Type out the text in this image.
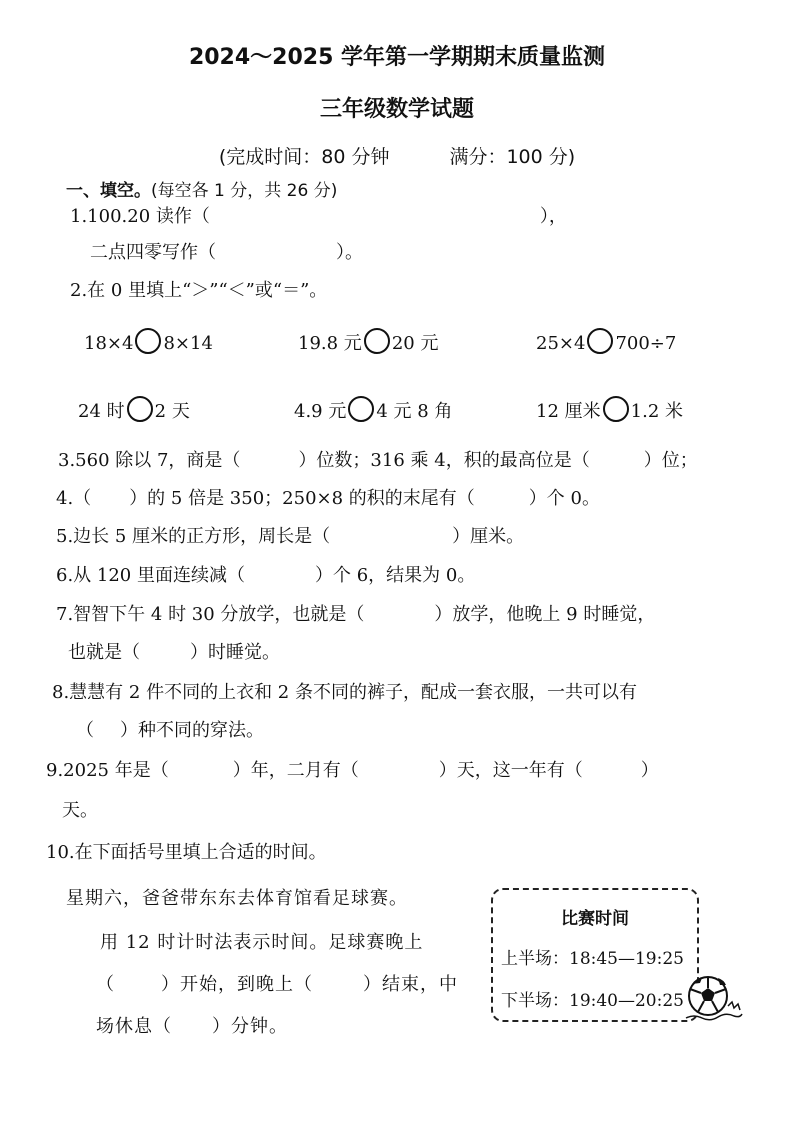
2024～2025 学年第一学期期末质量监测
三年级数学试题
(完成时间：80 分钟	满分：100 分)
一、填空。(每空各 1 分，共 26 分)
1.100.20 读作（	），
二点四零写作（	）。
2.在 0 里填上“＞”“＜”或“＝”。
18×4 8×14	19.8 元 20 元	25×4 700÷7
24 时 2 天	4.9 元 4 元 8 角	12 厘米 1.2 米
3.560 除以 7，商是（	）位数；316 乘 4，积的最高位是（	）位；
4.（ ）的 5 倍是 350；250×8 的积的末尾有（	）个 0。
5.边长 5 厘米的正方形，周长是（	）厘米。
6.从 120 里面连续减（	）个 6，结果为 0。
7.智智下午 4 时 30 分放学，也就是（	）放学，他晚上 9 时睡觉，
也就是（	）时睡觉。
8.慧慧有 2 件不同的上衣和 2 条不同的裤子，配成一套衣服，一共可以有
（ ）种不同的穿法。
9.2025 年是（	）年，二月有（	）天，这一年有（	）
天。
10.在下面括号里填上合适的时间。
星期六，爸爸带东东去体育馆看足球赛。
用 12 时计时法表示时间。足球赛晚上
（	）开始，到晚上（	）结束，中
场休息（ ）分钟。
比赛时间
上半场：18:45—19:25
下半场：19:40—20:25
